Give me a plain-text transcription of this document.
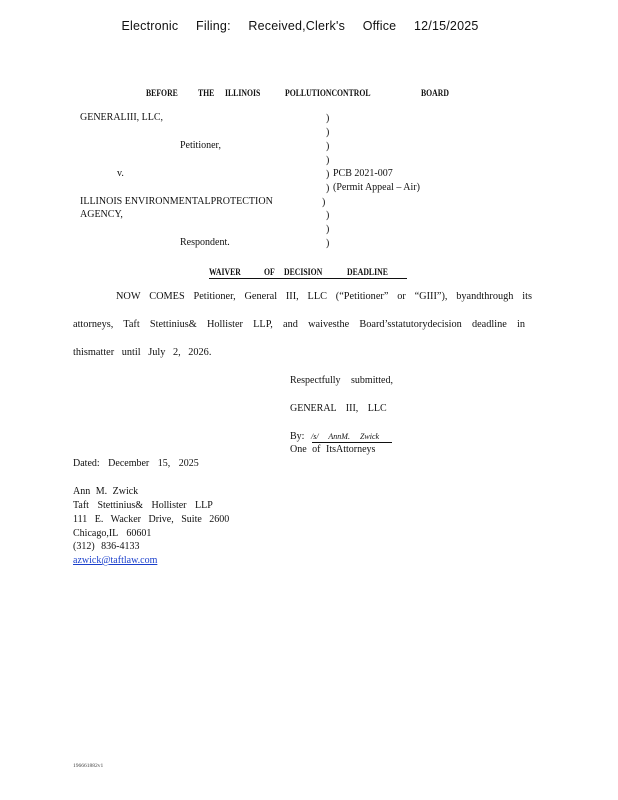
Electronic Filing: Received,Clerk's Office 12/15/2025
BEFORE THE ILLINOIS	POLLUTIONCONTROL	BOARD
GENERALIII, LLC,
Petitioner,
v.
ILLINOIS ENVIRONMENTALPROTECTION
AGENCY,
Respondent.
)
)
)
)
) PCB 2021-007
) (Permit Appeal – Air)
)
)
)
)
WAIVER	OF DECISION	DEADLINE
NOW COMES Petitioner, General III, LLC (“Petitioner” or “GIII”), byandthrough its
attorneys, Taft Stettinius& Hollister LLP, and waivesthe Board’sstatutorydecision deadline in
thismatter until July 2, 2026.
Respectfully submitted,
GENERAL III, LLC
By: /s/ AnnM. Zwick
One of ItsAttorneys
Dated: December 15, 2025
Ann M. Zwick
Taft Stettinius& Hollister LLP
111 E. Wacker Drive, Suite 2600
Chicago,IL 60601
(312) 836-4133
azwick@taftlaw.com
196661882v1
